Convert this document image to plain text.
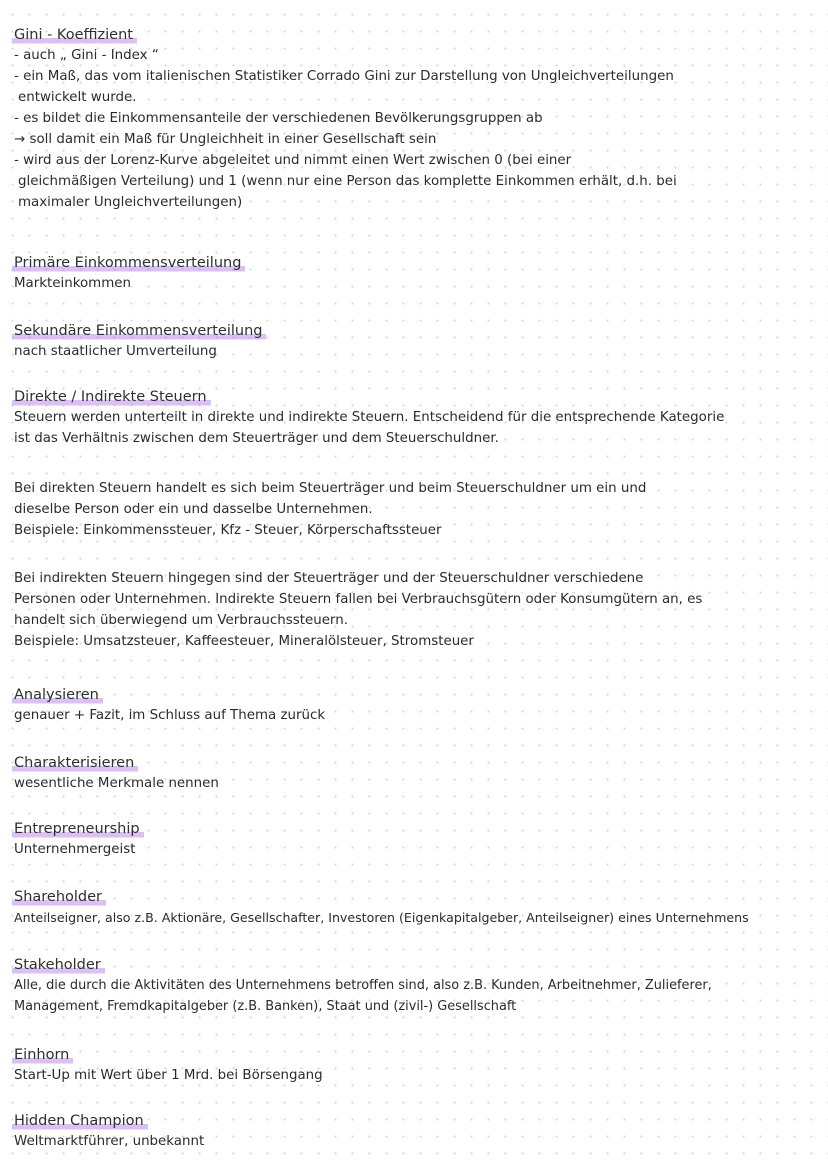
Gini - Koeffizient
- auch „ Gini - Index “
- ein Maß, das vom italienischen Statistiker Corrado Gini zur Darstellung von Ungleichverteilungen
entwickelt wurde.
- es bildet die Einkommensanteile der verschiedenen Bevölkerungsgruppen ab
→ soll damit ein Maß für Ungleichheit in einer Gesellschaft sein
- wird aus der Lorenz-Kurve abgeleitet und nimmt einen Wert zwischen 0 (bei einer
gleichmäßigen Verteilung) und 1 (wenn nur eine Person das komplette Einkommen erhält, d.h. bei
maximaler Ungleichverteilungen)
Primäre Einkommensverteilung
Markteinkommen
Sekundäre Einkommensverteilung
nach staatlicher Umverteilung
Direkte / Indirekte Steuern
Steuern werden unterteilt in direkte und indirekte Steuern. Entscheidend für die entsprechende Kategorie
ist das Verhältnis zwischen dem Steuerträger und dem Steuerschuldner.
Bei direkten Steuern handelt es sich beim Steuerträger und beim Steuerschuldner um ein und
dieselbe Person oder ein und dasselbe Unternehmen.
Beispiele: Einkommenssteuer, Kfz - Steuer, Körperschaftssteuer
Bei indirekten Steuern hingegen sind der Steuerträger und der Steuerschuldner verschiedene
Personen oder Unternehmen. Indirekte Steuern fallen bei Verbrauchsgütern oder Konsumgütern an, es
handelt sich überwiegend um Verbrauchssteuern.
Beispiele: Umsatzsteuer, Kaffeesteuer, Mineralölsteuer, Stromsteuer
Analysieren
genauer + Fazit, im Schluss auf Thema zurück
Charakterisieren
wesentliche Merkmale nennen
Entrepreneurship
Unternehmergeist
Shareholder
Anteilseigner, also z.B. Aktionäre, Gesellschafter, Investoren (Eigenkapitalgeber, Anteilseigner) eines Unternehmens
Stakeholder
Alle, die durch die Aktivitäten des Unternehmens betroffen sind, also z.B. Kunden, Arbeitnehmer, Zulieferer,
Management, Fremdkapitalgeber (z.B. Banken), Staat und (zivil-) Gesellschaft
Einhorn
Start-Up mit Wert über 1 Mrd. bei Börsengang
Hidden Champion
Weltmarktführer, unbekannt
